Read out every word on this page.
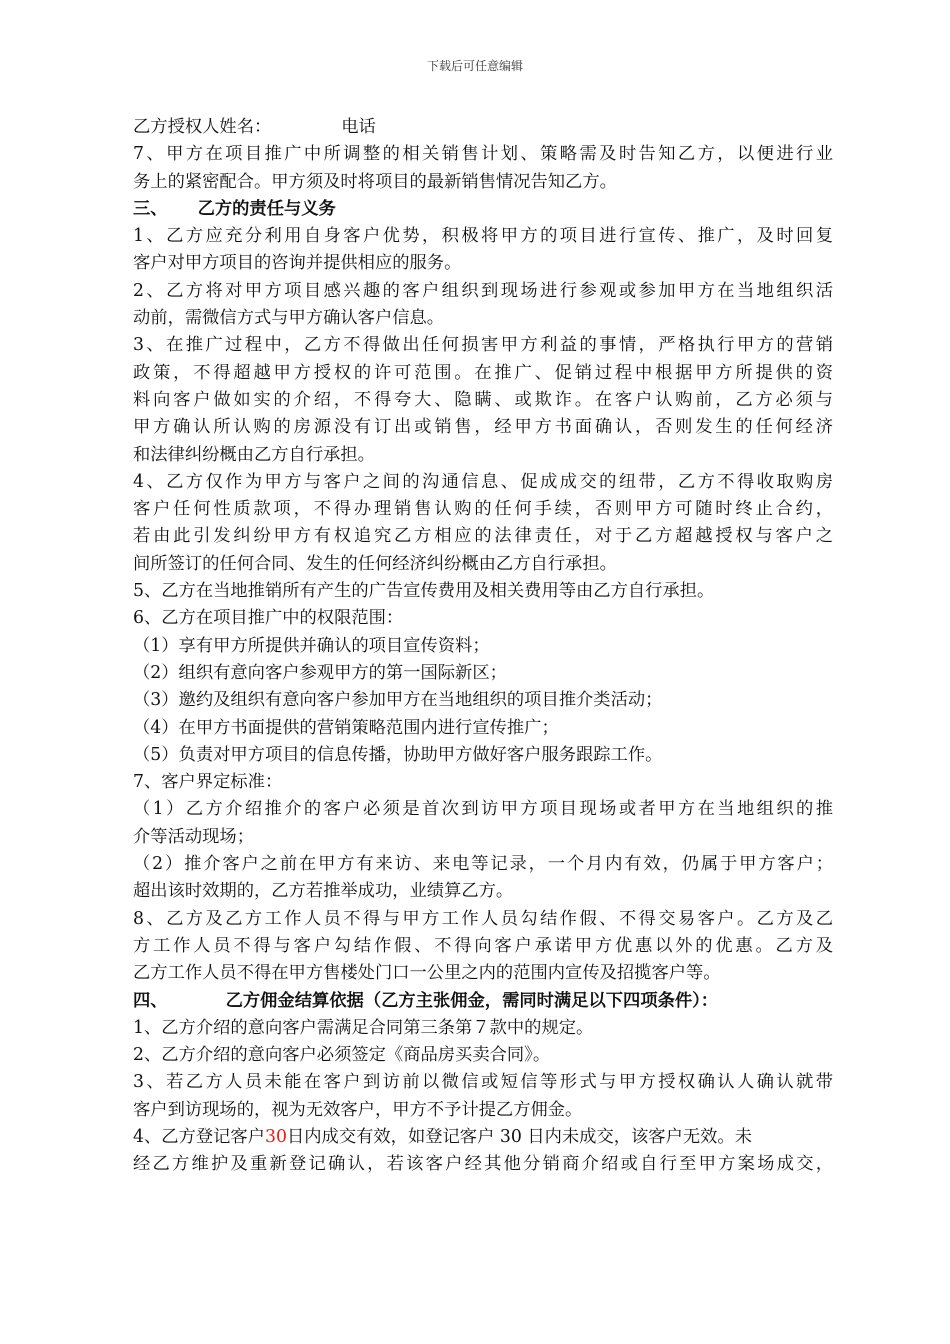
下载后可任意编辑
乙方授权人姓名：	电话
7、甲方在项目推广中所调整的相关销售计划、策略需及时告知乙方，以便进行业
务上的紧密配合。甲方须及时将项目的最新销售情况告知乙方。
三、 乙方的责任与义务
1、乙方应充分利用自身客户优势，积极将甲方的项目进行宣传、推广，及时回复
客户对甲方项目的咨询并提供相应的服务。
2、乙方将对甲方项目感兴趣的客户组织到现场进行参观或参加甲方在当地组织活
动前，需微信方式与甲方确认客户信息。
3、在推广过程中，乙方不得做出任何损害甲方利益的事情，严格执行甲方的营销
政策，不得超越甲方授权的许可范围。在推广、促销过程中根据甲方所提供的资
料向客户做如实的介绍，不得夸大、隐瞒、或欺诈。在客户认购前，乙方必须与
甲方确认所认购的房源没有订出或销售，经甲方书面确认，否则发生的任何经济
和法律纠纷概由乙方自行承担。
4、乙方仅作为甲方与客户之间的沟通信息、促成成交的纽带，乙方不得收取购房
客户任何性质款项，不得办理销售认购的任何手续，否则甲方可随时终止合约，
若由此引发纠纷甲方有权追究乙方相应的法律责任，对于乙方超越授权与客户之
间所签订的任何合同、发生的任何经济纠纷概由乙方自行承担。
5、乙方在当地推销所有产生的广告宣传费用及相关费用等由乙方自行承担。
6、乙方在项目推广中的权限范围：
（1）享有甲方所提供并确认的项目宣传资料；
（2）组织有意向客户参观甲方的第一国际新区；
（3）邀约及组织有意向客户参加甲方在当地组织的项目推介类活动；
（4）在甲方书面提供的营销策略范围内进行宣传推广；
（5）负责对甲方项目的信息传播，协助甲方做好客户服务跟踪工作。
7、客户界定标准：
（1）乙方介绍推介的客户必须是首次到访甲方项目现场或者甲方在当地组织的推
介等活动现场；
（2）推介客户之前在甲方有来访、来电等记录，一个月内有效，仍属于甲方客户；
超出该时效期的，乙方若推举成功，业绩算乙方。
8、乙方及乙方工作人员不得与甲方工作人员勾结作假、不得交易客户。乙方及乙
方工作人员不得与客户勾结作假、不得向客户承诺甲方优惠以外的优惠。乙方及
乙方工作人员不得在甲方售楼处门口一公里之内的范围内宣传及招揽客户等。
四、	乙方佣金结算依据（乙方主张佣金，需同时满足以下四项条件）：
1、乙方介绍的意向客户需满足合同第三条第７款中的规定。
2、乙方介绍的意向客户必须签定《商品房买卖合同》。
3、若乙方人员未能在客户到访前以微信或短信等形式与甲方授权确认人确认就带
客户到访现场的，视为无效客户，甲方不予计提乙方佣金。
4、乙方登记客户30日内成交有效，如登记客户 30 日内未成交，该客户无效。未
经乙方维护及重新登记确认，若该客户经其他分销商介绍或自行至甲方案场成交，
